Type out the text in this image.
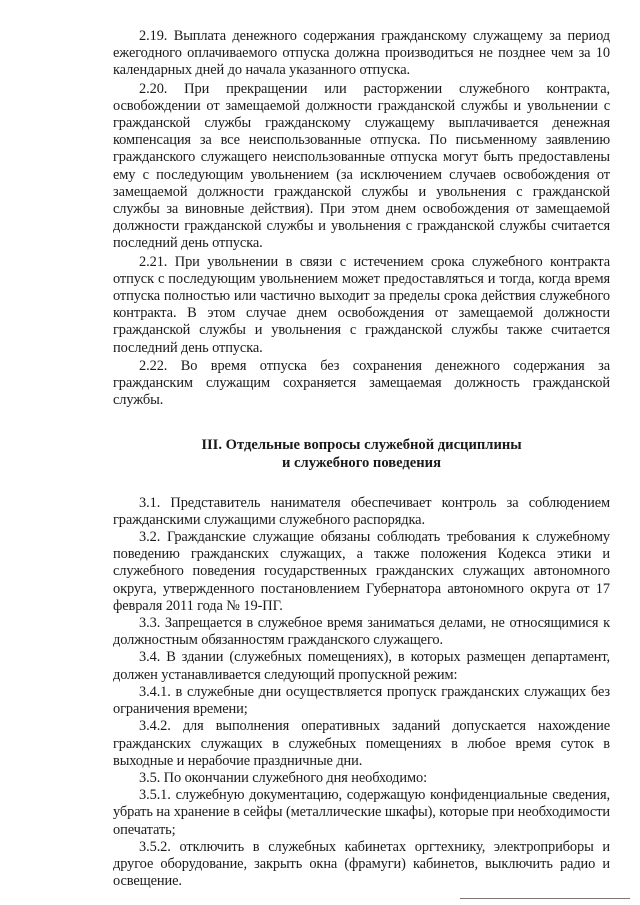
2.19. Выплата денежного содержания гражданскому служащему за период ежегодного оплачиваемого отпуска должна производиться не позднее чем за 10 календарных дней до начала указанного отпуска.

2.20. При прекращении или расторжении служебного контракта, освобождении от замещаемой должности гражданской службы и увольнении с гражданской службы гражданскому служащему выплачивается денежная компенсация за все неиспользованные отпуска. По письменному заявлению гражданского служащего неиспользованные отпуска могут быть предоставлены ему с последующим увольнением (за исключением случаев освобождения от замещаемой должности гражданской службы и увольнения с гражданской службы за виновные действия). При этом днем освобождения от замещаемой должности гражданской службы и увольнения с гражданской службы считается последний день отпуска.

2.21. При увольнении в связи с истечением срока служебного контракта отпуск с последующим увольнением может предоставляться и тогда, когда время отпуска полностью или частично выходит за пределы срока действия служебного контракта. В этом случае днем освобождения от замещаемой должности гражданской службы и увольнения с гражданской службы также считается последний день отпуска.

2.22. Во время отпуска без сохранения денежного содержания за гражданским служащим сохраняется замещаемая должность гражданской службы.

III. Отдельные вопросы служебной дисциплины
и служебного поведения

3.1. Представитель нанимателя обеспечивает контроль за соблюдением гражданскими служащими служебного распорядка.

3.2. Гражданские служащие обязаны соблюдать требования к служебному поведению гражданских служащих, а также положения Кодекса этики и служебного поведения государственных гражданских служащих автономного округа, утвержденного постановлением Губернатора автономного округа от 17 февраля 2011 года № 19-ПГ.

3.3. Запрещается в служебное время заниматься делами, не относящимися к должностным обязанностям гражданского служащего.

3.4. В здании (служебных помещениях), в которых размещен департамент, должен устанавливается следующий пропускной режим:

3.4.1. в служебные дни осуществляется пропуск гражданских служащих без ограничения времени;

3.4.2. для выполнения оперативных заданий допускается нахождение гражданских служащих в служебных помещениях в любое время суток в выходные и нерабочие праздничные дни.

3.5. По окончании служебного дня необходимо:

3.5.1. служебную документацию, содержащую конфиденциальные сведения, убрать на хранение в сейфы (металлические шкафы), которые при необходимости опечатать;

3.5.2. отключить в служебных кабинетах оргтехнику, электроприборы и другое оборудование, закрыть окна (фрамуги) кабинетов, выключить радио и освещение.
